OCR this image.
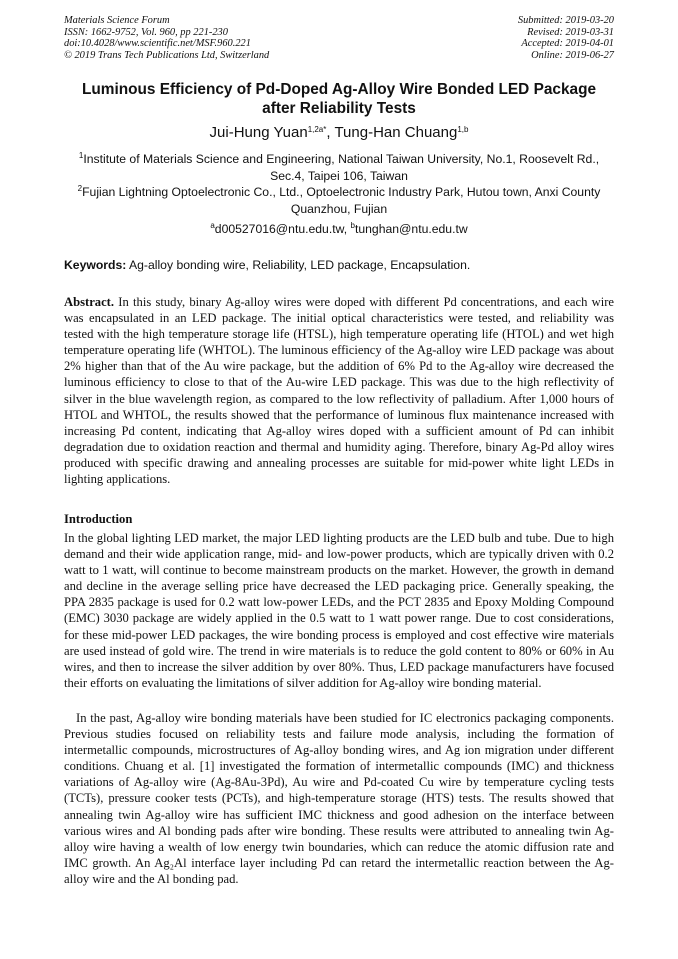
Materials Science Forum
ISSN: 1662-9752, Vol. 960, pp 221-230
doi:10.4028/www.scientific.net/MSF.960.221
© 2019 Trans Tech Publications Ltd, Switzerland
Submitted: 2019-03-20
Revised: 2019-03-31
Accepted: 2019-04-01
Online: 2019-06-27
Luminous Efficiency of Pd-Doped Ag-Alloy Wire Bonded LED Package after Reliability Tests
Jui-Hung Yuan$^{1,2a*}$, Tung-Han Chuang$^{1,b}$
$^1$Institute of Materials Science and Engineering, National Taiwan University, No.1, Roosevelt Rd., Sec.4, Taipei 106, Taiwan
$^2$Fujian Lightning Optoelectronic Co., Ltd., Optoelectronic Industry Park, Hutou town, Anxi County Quanzhou, Fujian
$^a$d00527016@ntu.edu.tw, $^b$tunghan@ntu.edu.tw
Keywords: Ag-alloy bonding wire, Reliability, LED package, Encapsulation.
Abstract. In this study, binary Ag-alloy wires were doped with different Pd concentrations, and each wire was encapsulated in an LED package. The initial optical characteristics were tested, and reliability was tested with the high temperature storage life (HTSL), high temperature operating life (HTOL) and wet high temperature operating life (WHTOL). The luminous efficiency of the Ag-alloy wire LED package was about 2% higher than that of the Au wire package, but the addition of 6% Pd to the Ag-alloy wire decreased the luminous efficiency to close to that of the Au-wire LED package. This was due to the high reflectivity of silver in the blue wavelength region, as compared to the low reflectivity of palladium. After 1,000 hours of HTOL and WHTOL, the results showed that the performance of luminous flux maintenance increased with increasing Pd content, indicating that Ag-alloy wires doped with a sufficient amount of Pd can inhibit degradation due to oxidation reaction and thermal and humidity aging. Therefore, binary Ag-Pd alloy wires produced with specific drawing and annealing processes are suitable for mid-power white light LEDs in lighting applications.
Introduction
In the global lighting LED market, the major LED lighting products are the LED bulb and tube. Due to high demand and their wide application range, mid- and low-power products, which are typically driven with 0.2 watt to 1 watt, will continue to become mainstream products on the market. However, the growth in demand and decline in the average selling price have decreased the LED packaging price. Generally speaking, the PPA 2835 package is used for 0.2 watt low-power LEDs, and the PCT 2835 and Epoxy Molding Compound (EMC) 3030 package are widely applied in the 0.5 watt to 1 watt power range. Due to cost considerations, for these mid-power LED packages, the wire bonding process is employed and cost effective wire materials are used instead of gold wire. The trend in wire materials is to reduce the gold content to 80% or 60% in Au wires, and then to increase the silver addition by over 80%. Thus, LED package manufacturers have focused their efforts on evaluating the limitations of silver addition for Ag-alloy wire bonding material.
In the past, Ag-alloy wire bonding materials have been studied for IC electronics packaging components. Previous studies focused on reliability tests and failure mode analysis, including the formation of intermetallic compounds, microstructures of Ag-alloy bonding wires, and Ag ion migration under different conditions. Chuang et al. [1] investigated the formation of intermetallic compounds (IMC) and thickness variations of Ag-alloy wire (Ag-8Au-3Pd), Au wire and Pd-coated Cu wire by temperature cycling tests (TCTs), pressure cooker tests (PCTs), and high-temperature storage (HTS) tests. The results showed that annealing twin Ag-alloy wire has sufficient IMC thickness and good adhesion on the interface between various wires and Al bonding pads after wire bonding. These results were attributed to annealing twin Ag-alloy wire having a wealth of low energy twin boundaries, which can reduce the atomic diffusion rate and IMC growth. An Ag₂Al interface layer including Pd can retard the intermetallic reaction between the Ag-alloy wire and the Al bonding pad.
